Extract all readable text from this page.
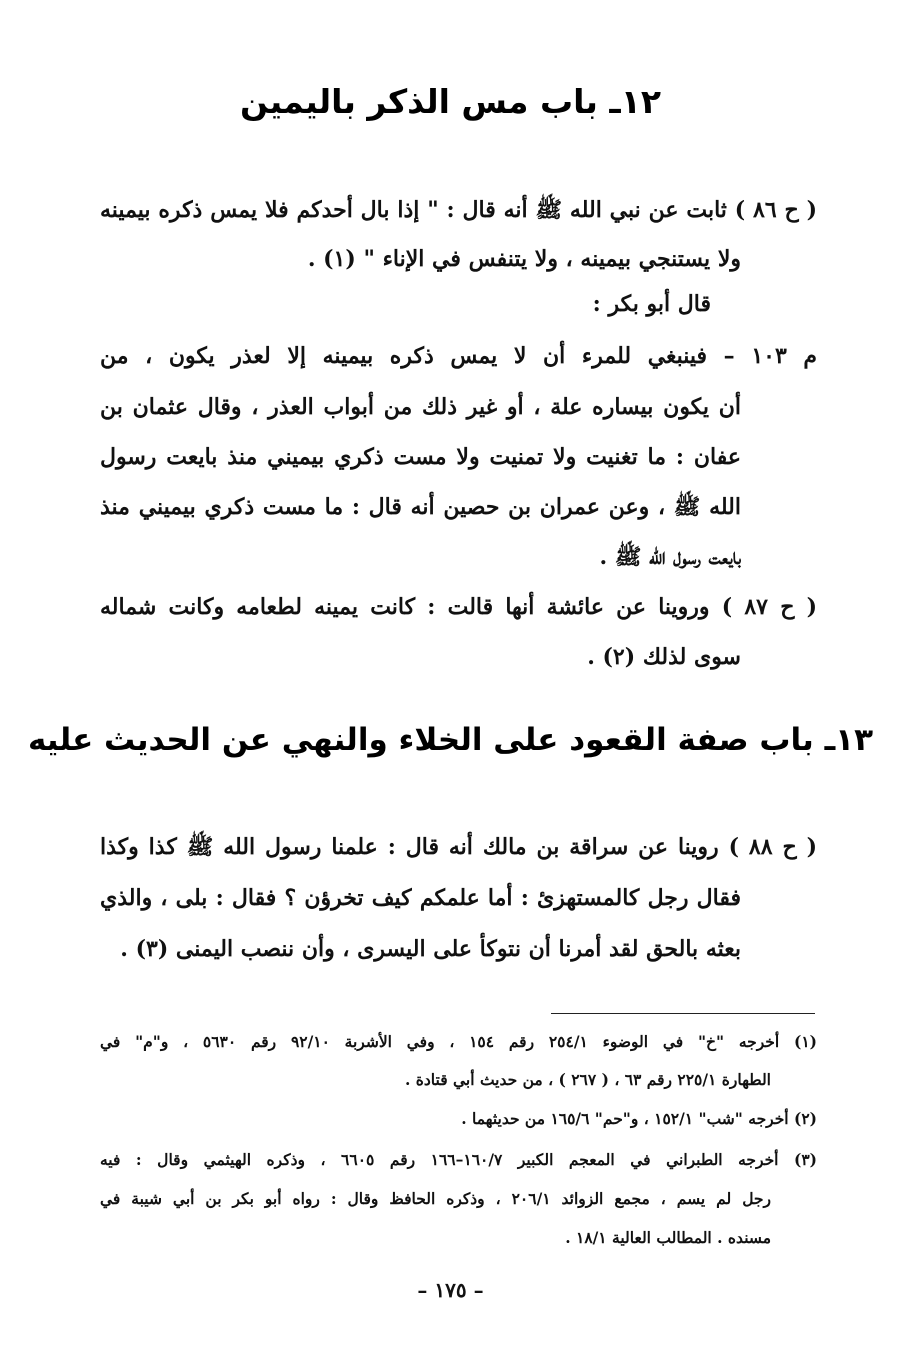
١٢ـ باب مس الذكر باليمين
( ح ٨٦ ) ثابت عن نبي الله ﷺ أنه قال : " إذا بال أحدكم فلا يمس ذكره بيمينه
ولا يستنجي بيمينه ، ولا يتنفس في الإناء " (١) .
قال أبو بكر :
م ١٠٣ – فينبغي للمرء أن لا يمس ذكره بيمينه إلا لعذر يكون ، من
أن يكون بيساره علة ، أو غير ذلك من أبواب العذر ، وقال عثمان بن
عفان : ما تغنيت ولا تمنيت ولا مست ذكري بيميني منذ بايعت رسول
الله ﷺ ، وعن عمران بن حصين أنه قال : ما مست ذكري بيميني منذ
بايعت رسول الله ﷺ .
( ح ٨٧ ) وروينا عن عائشة أنها قالت : كانت يمينه لطعامه وكانت شماله
سوى لذلك (٢) .
١٣ـ باب صفة القعود على الخلاء والنهي عن الحديث عليه
( ح ٨٨ ) روينا عن سراقة بن مالك أنه قال : علمنا رسول الله ﷺ كذا وكذا
فقال رجل كالمستهزئ : أما علمكم كيف تخرؤن ؟ فقال : بلى ، والذي
بعثه بالحق لقد أمرنا أن نتوكأ على اليسرى ، وأن ننصب اليمنى (٣) .
(١) أخرجه "خ" في الوضوء ٢٥٤/١ رقم ١٥٤ ، وفي الأشربة ٩٢/١٠ رقم ٥٦٣٠ ، و"م" في
الطهارة ٢٢٥/١ رقم ٦٣ ، ( ٢٦٧ ) ، من حديث أبي قتادة .
(٢) أخرجه "شب" ١٥٢/١ ، و"حم" ١٦٥/٦ من حديثهما .
(٣) أخرجه الطبراني في المعجم الكبير ١٦٠/٧–١٦٦ رقم ٦٦٠٥ ، وذكره الهيثمي وقال : فيه
رجل لم يسم ، مجمع الزوائد ٢٠٦/١ ، وذكره الحافظ وقال : رواه أبو بكر بن أبي شيبة في
مسنده . المطالب العالية ١٨/١ .
– ١٧٥ –
